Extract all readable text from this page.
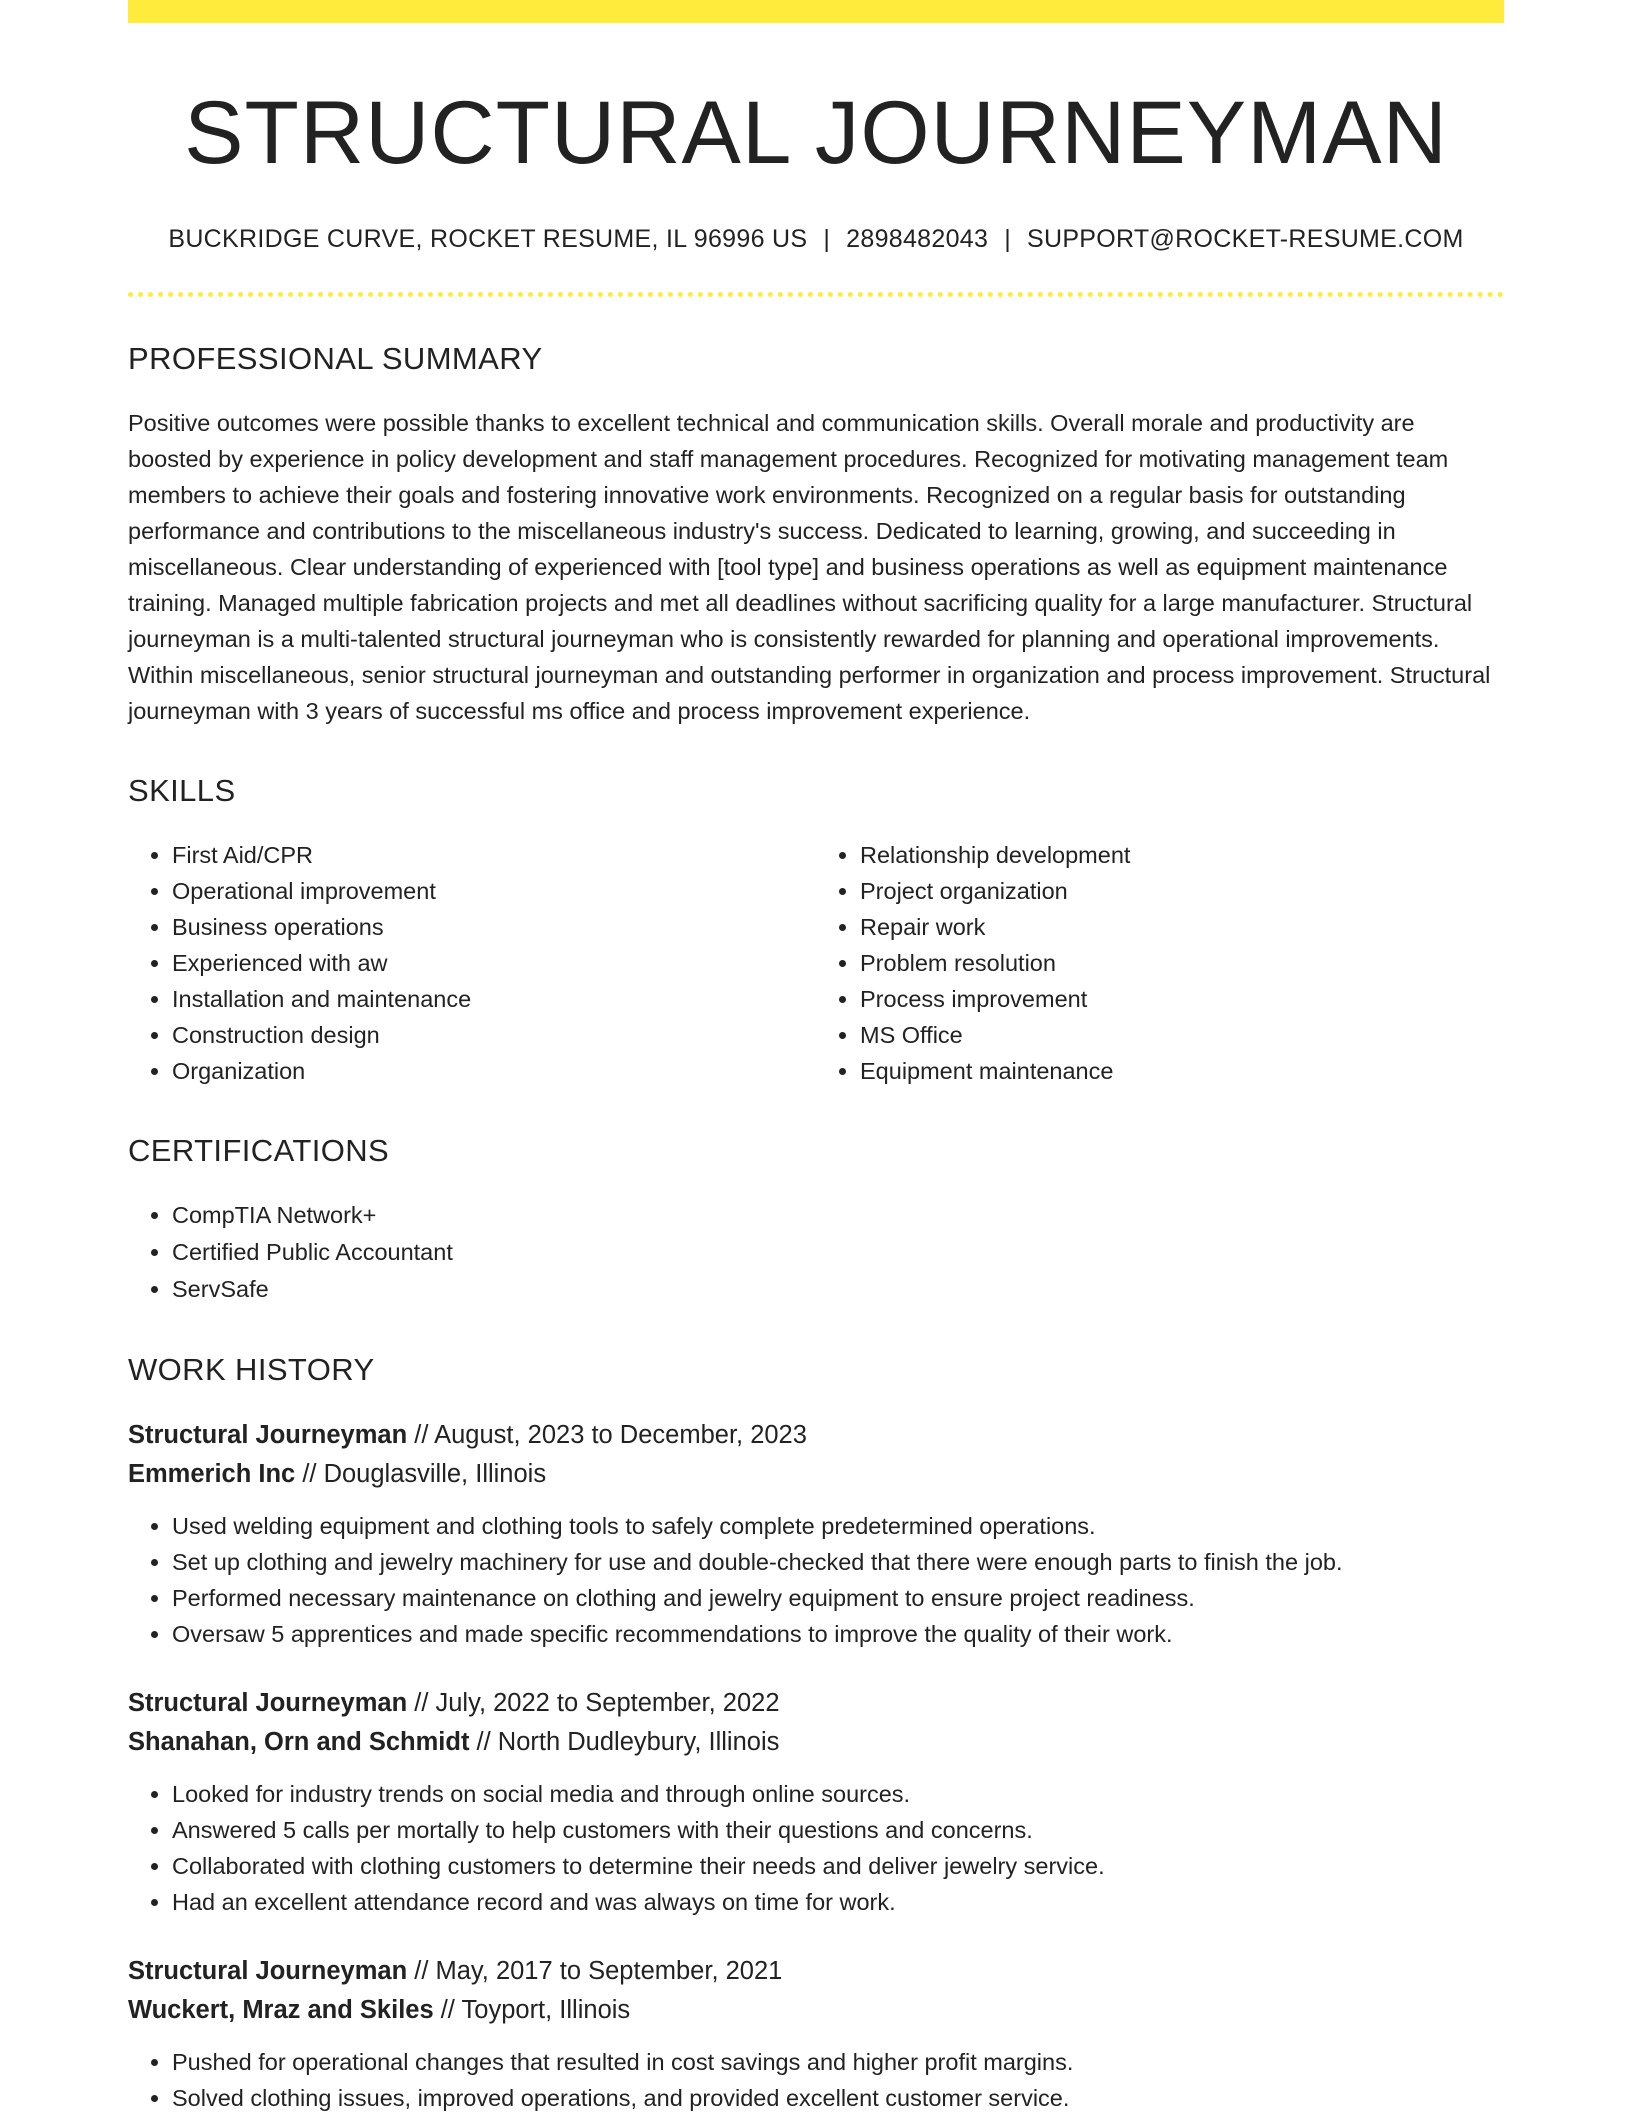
STRUCTURAL JOURNEYMAN
BUCKRIDGE CURVE, ROCKET RESUME, IL 96996 US | 2898482043 | SUPPORT@ROCKET-RESUME.COM
PROFESSIONAL SUMMARY
Positive outcomes were possible thanks to excellent technical and communication skills. Overall morale and productivity are boosted by experience in policy development and staff management procedures. Recognized for motivating management team members to achieve their goals and fostering innovative work environments. Recognized on a regular basis for outstanding performance and contributions to the miscellaneous industry's success. Dedicated to learning, growing, and succeeding in miscellaneous. Clear understanding of experienced with [tool type] and business operations as well as equipment maintenance training. Managed multiple fabrication projects and met all deadlines without sacrificing quality for a large manufacturer. Structural journeyman is a multi-talented structural journeyman who is consistently rewarded for planning and operational improvements. Within miscellaneous, senior structural journeyman and outstanding performer in organization and process improvement. Structural journeyman with 3 years of successful ms office and process improvement experience.
SKILLS
• First Aid/CPR
• Operational improvement
• Business operations
• Experienced with aw
• Installation and maintenance
• Construction design
• Organization
• Relationship development
• Project organization
• Repair work
• Problem resolution
• Process improvement
• MS Office
• Equipment maintenance
CERTIFICATIONS
• CompTIA Network+
• Certified Public Accountant
• ServSafe
WORK HISTORY
Structural Journeyman // August, 2023 to December, 2023
Emmerich Inc // Douglasville, Illinois
• Used welding equipment and clothing tools to safely complete predetermined operations.
• Set up clothing and jewelry machinery for use and double-checked that there were enough parts to finish the job.
• Performed necessary maintenance on clothing and jewelry equipment to ensure project readiness.
• Oversaw 5 apprentices and made specific recommendations to improve the quality of their work.
Structural Journeyman // July, 2022 to September, 2022
Shanahan, Orn and Schmidt // North Dudleybury, Illinois
• Looked for industry trends on social media and through online sources.
• Answered 5 calls per mortally to help customers with their questions and concerns.
• Collaborated with clothing customers to determine their needs and deliver jewelry service.
• Had an excellent attendance record and was always on time for work.
Structural Journeyman // May, 2017 to September, 2021
Wuckert, Mraz and Skiles // Toyport, Illinois
• Pushed for operational changes that resulted in cost savings and higher profit margins.
• Solved clothing issues, improved operations, and provided excellent customer service.
